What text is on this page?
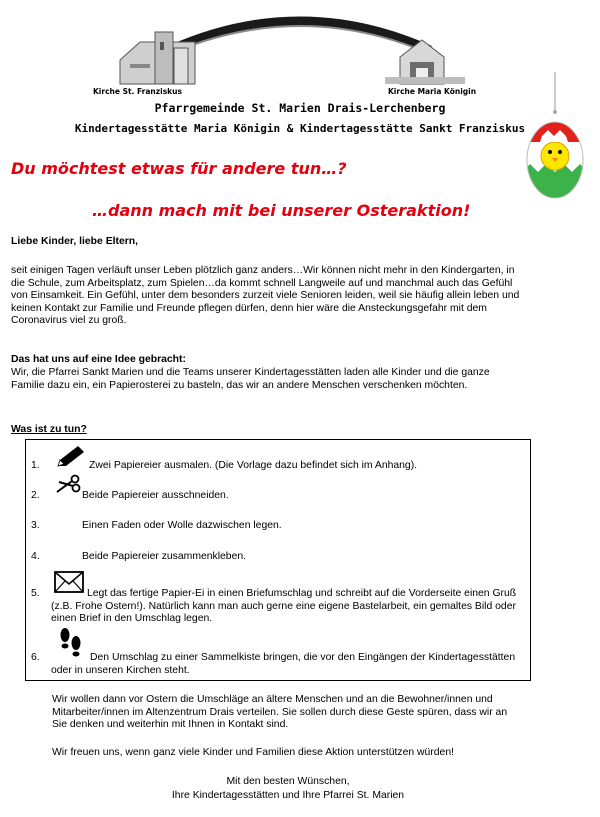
Kirche St. Franziskus	Kirche Maria Königin
Pfarrgemeinde St. Marien Drais-Lerchenberg
Kindertagesstätte Maria Königin & Kindertagesstätte Sankt Franziskus
Du möchtest etwas für andere tun…?
…dann mach mit bei unserer Osteraktion!
Liebe Kinder, liebe Eltern,
seit einigen Tagen verläuft unser Leben plötzlich ganz anders…Wir können nicht mehr in den Kindergarten, in die Schule, zum Arbeitsplatz, zum Spielen…da kommt schnell Langweile auf und manchmal auch das Gefühl von Einsamkeit. Ein Gefühl, unter dem besonders zurzeit viele Senioren leiden, weil sie häufig allein leben und keinen Kontakt zur Familie und Freunde pflegen dürfen, denn hier wäre die Ansteckungsgefahr mit dem Coronavirus viel zu groß.
Das hat uns auf eine Idee gebracht:
Wir, die Pfarrei Sankt Marien und die Teams unserer Kindertagesstätten laden alle Kinder und die ganze Familie dazu ein, ein Papierosterei zu basteln, das wir an andere Menschen verschenken möchten.
Was ist zu tun?
1.	Zwei Papiereier ausmalen. (Die Vorlage dazu befindet sich im Anhang).
2.	Beide Papiereier ausschneiden.
3.	Einen Faden oder Wolle dazwischen legen.
4.	Beide Papiereier zusammenkleben.
5.	Legt das fertige Papier-Ei in einen Briefumschlag und schreibt auf die Vorderseite einen Gruß (z.B. Frohe Ostern!). Natürlich kann man auch gerne eine eigene Bastelarbeit, ein gemaltes Bild oder einen Brief in den Umschlag legen.
6.	Den Umschlag zu einer Sammelkiste bringen, die vor den Eingängen der Kindertagesstätten oder in unseren Kirchen steht.
Wir wollen dann vor Ostern die Umschläge an ältere Menschen und an die Bewohner/innen und Mitarbeiter/innen im Altenzentrum Drais verteilen. Sie sollen durch diese Geste spüren, dass wir an Sie denken und weiterhin mit Ihnen in Kontakt sind.
Wir freuen uns, wenn ganz viele Kinder und Familien diese Aktion unterstützen würden!
Mit den besten Wünschen,
Ihre Kindertagesstätten und Ihre Pfarrei St. Marien
